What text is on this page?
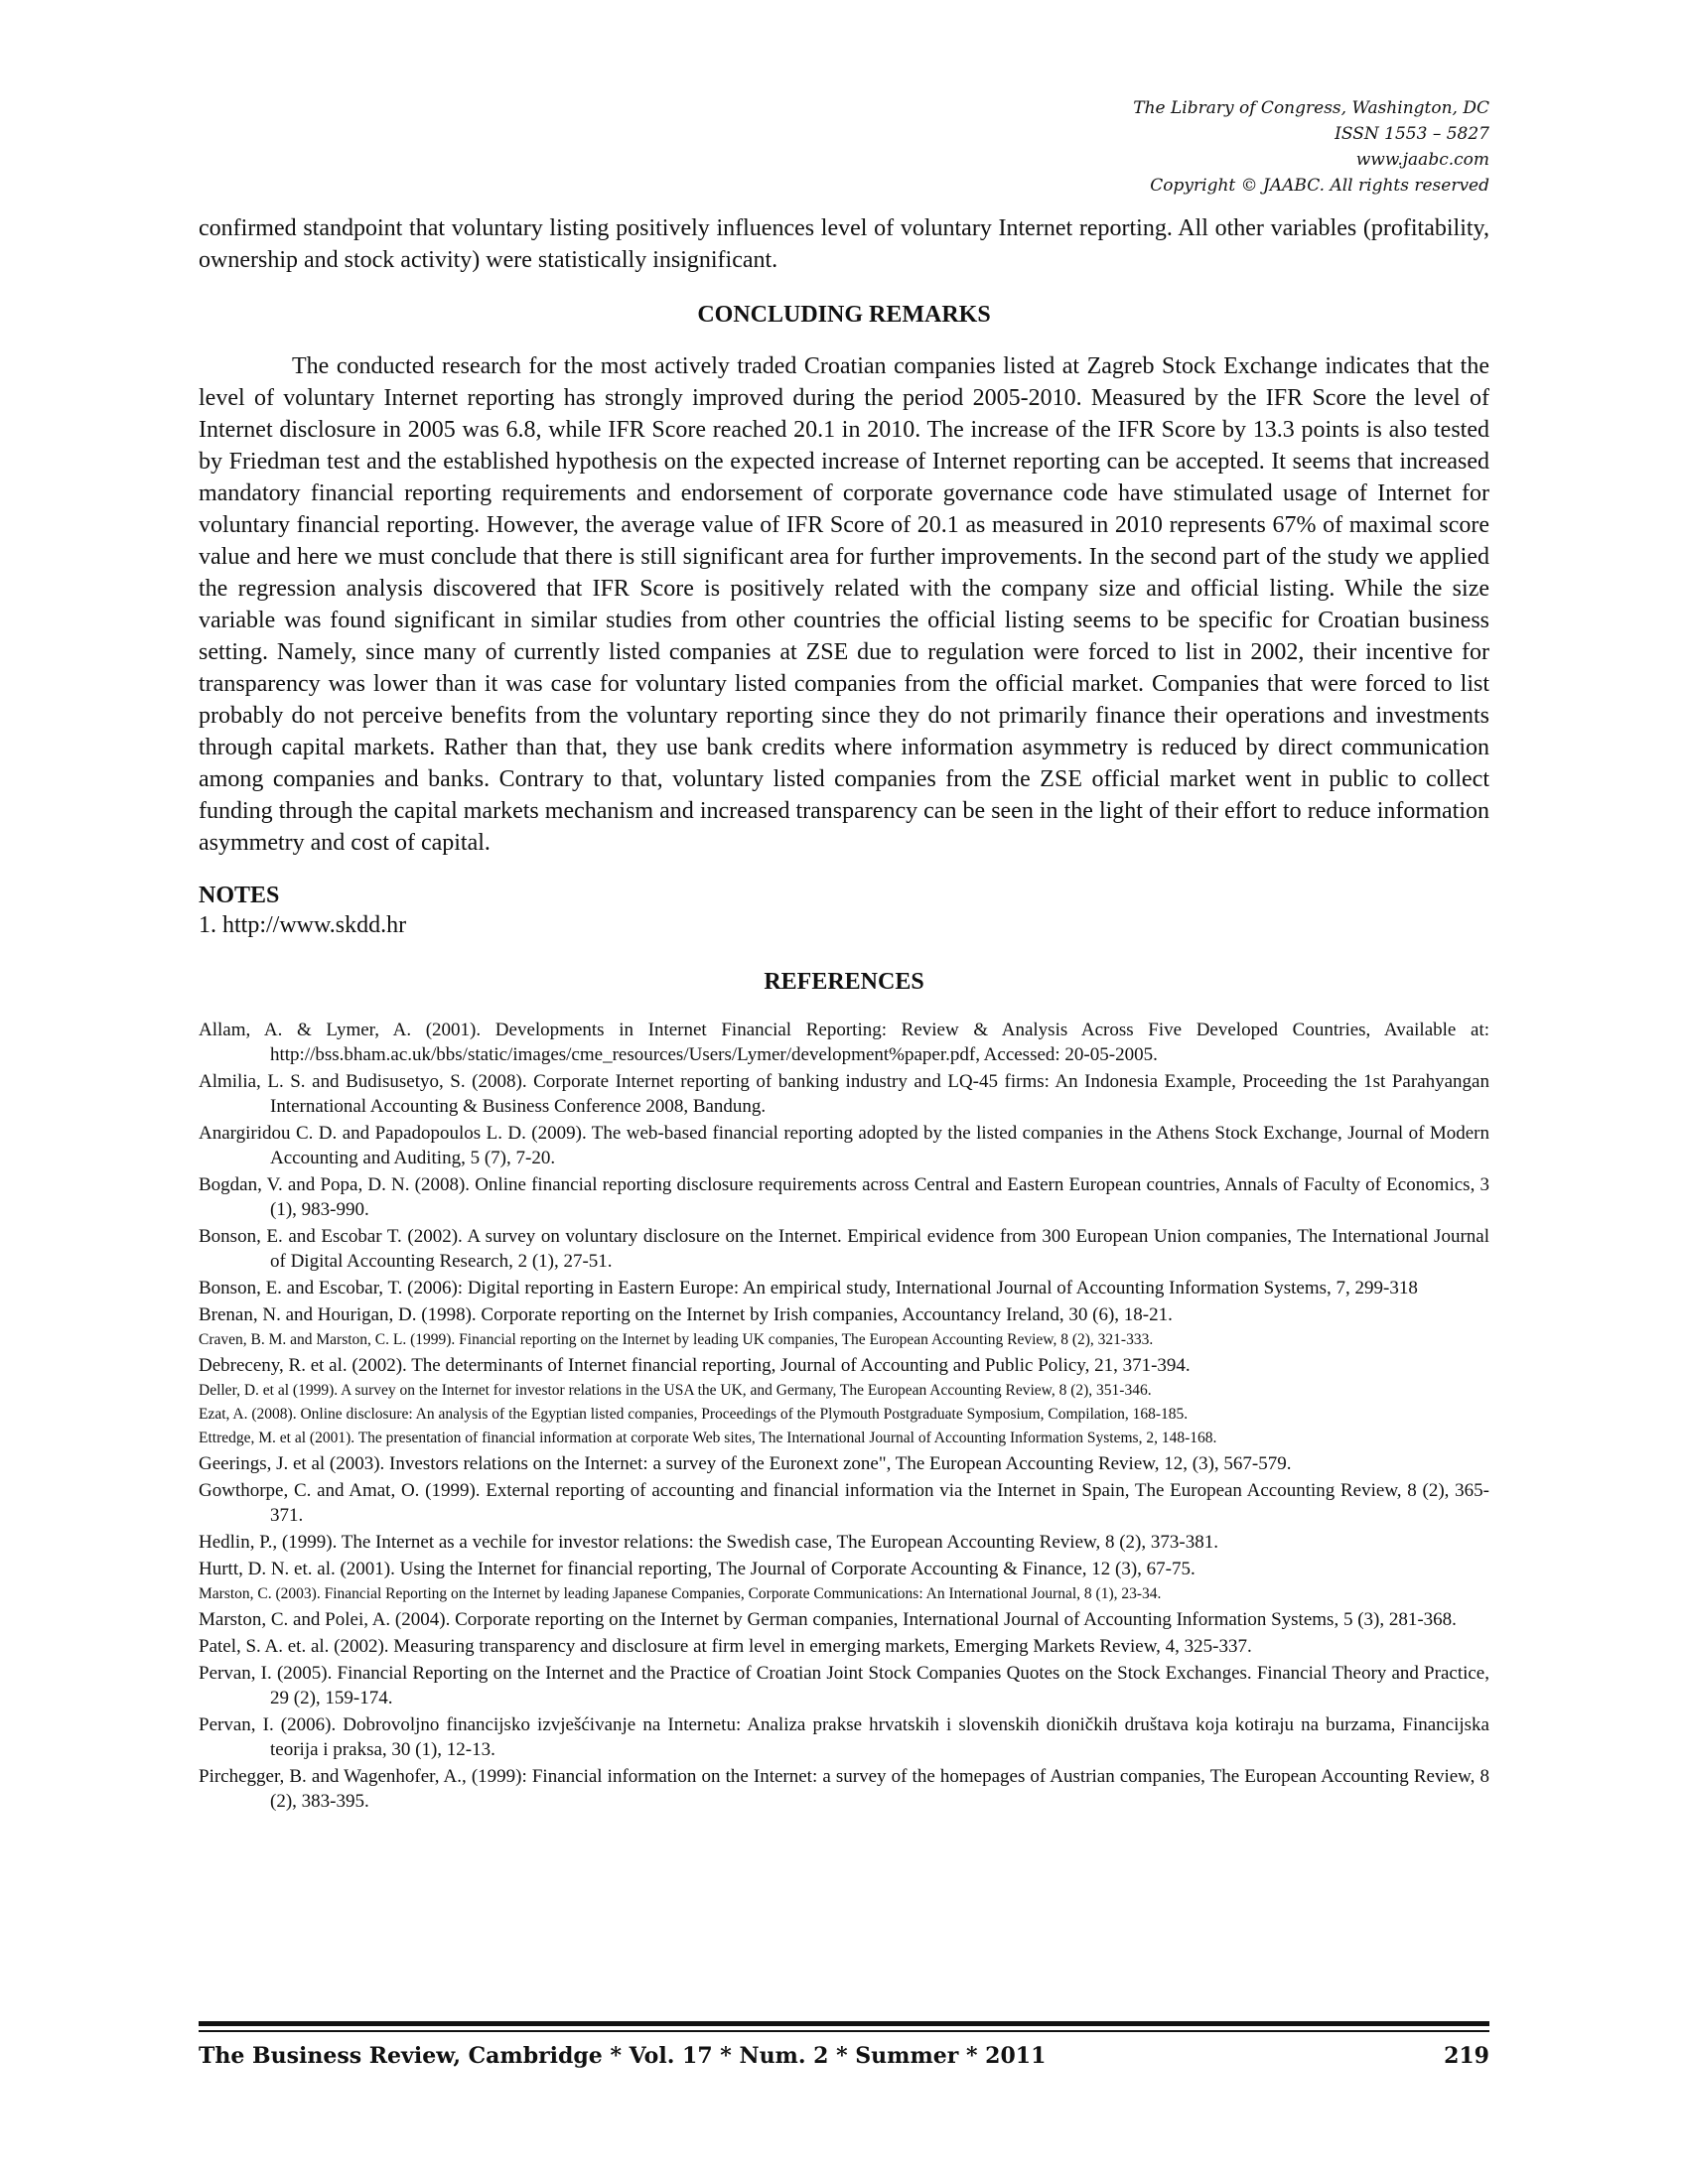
The Library of Congress, Washington, DC
ISSN 1553 – 5827
www.jaabc.com
Copyright © JAABC. All rights reserved

confirmed standpoint that voluntary listing positively influences level of voluntary Internet reporting. All other variables (profitability, ownership and stock activity) were statistically insignificant.

CONCLUDING REMARKS

The conducted research for the most actively traded Croatian companies listed at Zagreb Stock Exchange indicates that the level of voluntary Internet reporting has strongly improved during the period 2005-2010. Measured by the IFR Score the level of Internet disclosure in 2005 was 6.8, while IFR Score reached 20.1 in 2010. The increase of the IFR Score by 13.3 points is also tested by Friedman test and the established hypothesis on the expected increase of Internet reporting can be accepted. It seems that increased mandatory financial reporting requirements and endorsement of corporate governance code have stimulated usage of Internet for voluntary financial reporting. However, the average value of IFR Score of 20.1 as measured in 2010 represents 67% of maximal score value and here we must conclude that there is still significant area for further improvements. In the second part of the study we applied the regression analysis discovered that IFR Score is positively related with the company size and official listing. While the size variable was found significant in similar studies from other countries the official listing seems to be specific for Croatian business setting. Namely, since many of currently listed companies at ZSE due to regulation were forced to list in 2002, their incentive for transparency was lower than it was case for voluntary listed companies from the official market. Companies that were forced to list probably do not perceive benefits from the voluntary reporting since they do not primarily finance their operations and investments through capital markets. Rather than that, they use bank credits where information asymmetry is reduced by direct communication among companies and banks. Contrary to that, voluntary listed companies from the ZSE official market went in public to collect funding through the capital markets mechanism and increased transparency can be seen in the light of their effort to reduce information asymmetry and cost of capital.

NOTES

1. http://www.skdd.hr

REFERENCES

Allam, A. & Lymer, A. (2001). Developments in Internet Financial Reporting: Review & Analysis Across Five Developed Countries, Available at: http://bss.bham.ac.uk/bbs/static/images/cme_resources/Users/Lymer/development%paper.pdf, Accessed: 20-05-2005.

Almilia, L. S. and Budisusetyo, S. (2008). Corporate Internet reporting of banking industry and LQ-45 firms: An Indonesia Example, Proceeding the 1st Parahyangan International Accounting & Business Conference 2008, Bandung.

Anargiridou C. D. and Papadopoulos L. D. (2009). The web-based financial reporting adopted by the listed companies in the Athens Stock Exchange, Journal of Modern Accounting and Auditing, 5 (7), 7-20.

Bogdan, V. and Popa, D. N. (2008). Online financial reporting disclosure requirements across Central and Eastern European countries, Annals of Faculty of Economics, 3 (1), 983-990.

Bonson, E. and Escobar T. (2002). A survey on voluntary disclosure on the Internet. Empirical evidence from 300 European Union companies, The International Journal of Digital Accounting Research, 2 (1), 27-51.

Bonson, E. and Escobar, T. (2006): Digital reporting in Eastern Europe: An empirical study, International Journal of Accounting Information Systems, 7, 299-318

Brenan, N. and Hourigan, D. (1998). Corporate reporting on the Internet by Irish companies, Accountancy Ireland, 30 (6), 18-21.

Craven, B. M. and Marston, C. L. (1999). Financial reporting on the Internet by leading UK companies, The European Accounting Review, 8 (2), 321-333.

Debreceny, R. et al. (2002). The determinants of Internet financial reporting, Journal of Accounting and Public Policy, 21, 371-394.

Deller, D. et al (1999). A survey on the Internet for investor relations in the USA the UK, and Germany, The European Accounting Review, 8 (2), 351-346.

Ezat, A. (2008). Online disclosure: An analysis of the Egyptian listed companies, Proceedings of the Plymouth Postgraduate Symposium, Compilation, 168-185.

Ettredge, M. et al (2001). The presentation of financial information at corporate Web sites, The International Journal of Accounting Information Systems, 2, 148-168.

Geerings, J. et al (2003). Investors relations on the Internet: a survey of the Euronext zone", The European Accounting Review, 12, (3), 567-579.

Gowthorpe, C. and Amat, O. (1999). External reporting of accounting and financial information via the Internet in Spain, The European Accounting Review, 8 (2), 365-371.

Hedlin, P., (1999). The Internet as a vechile for investor relations: the Swedish case, The European Accounting Review, 8 (2), 373-381.

Hurtt, D. N. et. al. (2001). Using the Internet for financial reporting, The Journal of Corporate Accounting & Finance, 12 (3), 67-75.

Marston, C. (2003). Financial Reporting on the Internet by leading Japanese Companies, Corporate Communications: An International Journal, 8 (1), 23-34.

Marston, C. and Polei, A. (2004). Corporate reporting on the Internet by German companies, International Journal of Accounting Information Systems, 5 (3), 281-368.

Patel, S. A. et. al. (2002). Measuring transparency and disclosure at firm level in emerging markets, Emerging Markets Review, 4, 325-337.

Pervan, I. (2005). Financial Reporting on the Internet and the Practice of Croatian Joint Stock Companies Quotes on the Stock Exchanges. Financial Theory and Practice, 29 (2), 159-174.

Pervan, I. (2006). Dobrovoljno financijsko izvješćivanje na Internetu: Analiza prakse hrvatskih i slovenskih dioničkih društava koja kotiraju na burzama, Financijska teorija i praksa, 30 (1), 12-13.

Pirchegger, B. and Wagenhofer, A., (1999): Financial information on the Internet: a survey of the homepages of Austrian companies, The European Accounting Review, 8 (2), 383-395.

The Business Review, Cambridge * Vol. 17 * Num. 2 * Summer * 2011	219
